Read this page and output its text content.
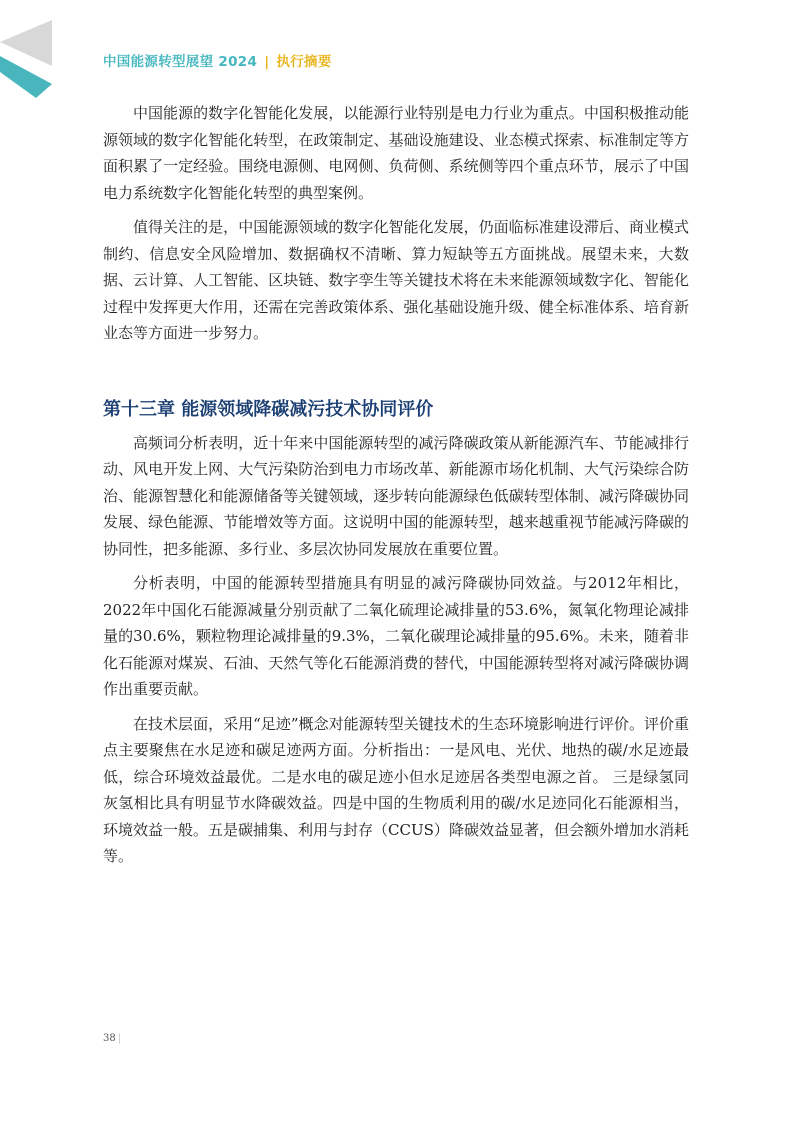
中国能源转型展望 2024 | 执行摘要

中国能源的数字化智能化发展，以能源行业特别是电力行业为重点。中国积极推动能源领域的数字化智能化转型，在政策制定、基础设施建设、业态模式探索、标准制定等方面积累了一定经验。围绕电源侧、电网侧、负荷侧、系统侧等四个重点环节，展示了中国电力系统数字化智能化转型的典型案例。

值得关注的是，中国能源领域的数字化智能化发展，仍面临标准建设滞后、商业模式制约、信息安全风险增加、数据确权不清晰、算力短缺等五方面挑战。展望未来，大数据、云计算、人工智能、区块链、数字孪生等关键技术将在未来能源领域数字化、智能化过程中发挥更大作用，还需在完善政策体系、强化基础设施升级、健全标准体系、培育新业态等方面进一步努力。

第十三章 能源领域降碳减污技术协同评价

高频词分析表明，近十年来中国能源转型的减污降碳政策从新能源汽车、节能减排行动、风电开发上网、大气污染防治到电力市场改革、新能源市场化机制、大气污染综合防治、能源智慧化和能源储备等关键领域，逐步转向能源绿色低碳转型体制、减污降碳协同发展、绿色能源、节能增效等方面。这说明中国的能源转型，越来越重视节能减污降碳的协同性，把多能源、多行业、多层次协同发展放在重要位置。

分析表明，中国的能源转型措施具有明显的减污降碳协同效益。与2012年相比，2022年中国化石能源减量分别贡献了二氧化硫理论减排量的53.6%，氮氧化物理论减排量的30.6%，颗粒物理论减排量的9.3%，二氧化碳理论减排量的95.6%。未来，随着非化石能源对煤炭、石油、天然气等化石能源消费的替代，中国能源转型将对减污降碳协调作出重要贡献。

在技术层面，采用“足迹”概念对能源转型关键技术的生态环境影响进行评价。评价重点主要聚焦在水足迹和碳足迹两方面。分析指出：一是风电、光伏、地热的碳/水足迹最低，综合环境效益最优。二是水电的碳足迹小但水足迹居各类型电源之首。 三是绿氢同灰氢相比具有明显节水降碳效益。四是中国的生物质利用的碳/水足迹同化石能源相当，环境效益一般。五是碳捕集、利用与封存（CCUS）降碳效益显著，但会额外增加水消耗等。

38 |
